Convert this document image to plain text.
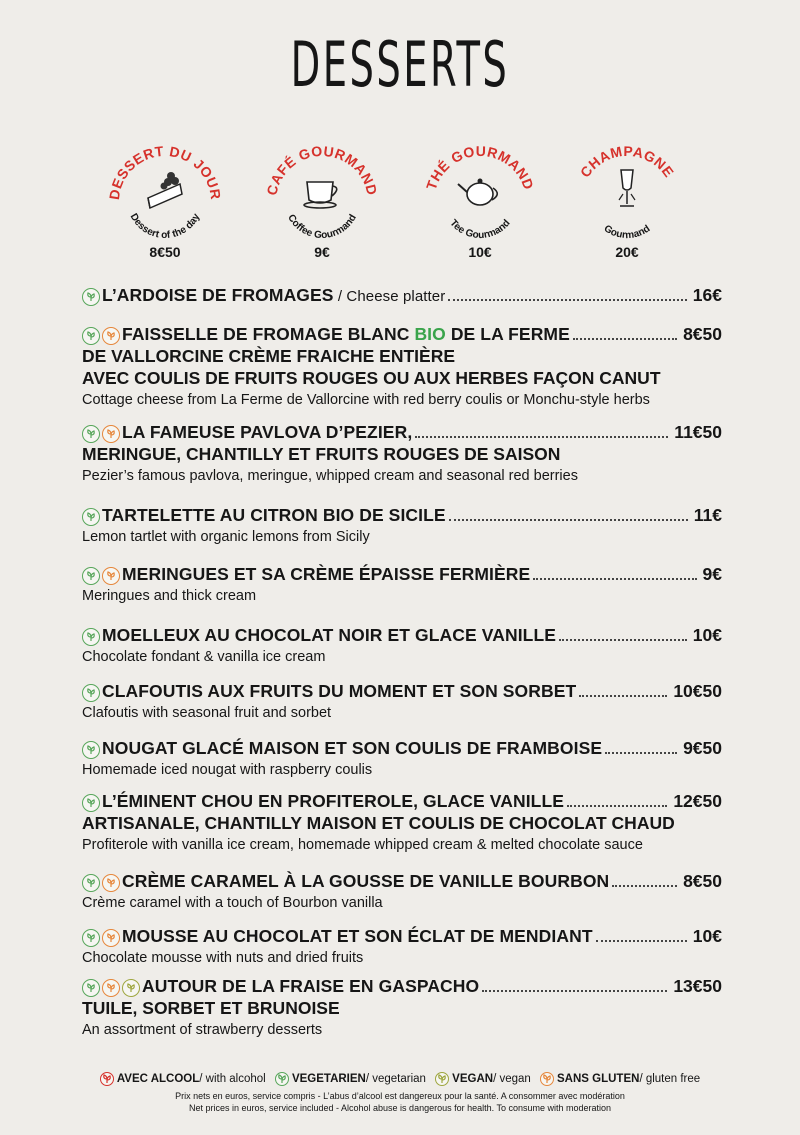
DESSERTS
DESSERT DU JOUR
Dessert of the day
8€50
CAFÉ GOURMAND
Coffee Gourmand
9€
THÉ GOURMAND
Tee Gourmand
10€
CHAMPAGNE
Gourmand
20€
L’ARDOISE DE FROMAGES / Cheese platter	16€
FAISSELLE DE FROMAGE BLANC BIO DE LA FERME	8€50
DE VALLORCINE CRÈME FRAICHE ENTIÈRE
AVEC COULIS DE FRUITS ROUGES OU AUX HERBES FAÇON CANUT
Cottage cheese from La Ferme de Vallorcine with red berry coulis or Monchu-style herbs
LA FAMEUSE PAVLOVA D’PEZIER,	11€50
MERINGUE, CHANTILLY ET FRUITS ROUGES DE SAISON
Pezier’s famous pavlova, meringue, whipped cream and seasonal red berries
TARTELETTE AU CITRON BIO DE SICILE	11€
Lemon tartlet with organic lemons from Sicily
MERINGUES ET SA CRÈME ÉPAISSE FERMIÈRE	9€
Meringues and thick cream
MOELLEUX AU CHOCOLAT NOIR ET GLACE VANILLE	10€
Chocolate fondant & vanilla ice cream
CLAFOUTIS AUX FRUITS DU MOMENT ET SON SORBET	10€50
Clafoutis with seasonal fruit and sorbet
NOUGAT GLACÉ MAISON ET SON COULIS DE FRAMBOISE	9€50
Homemade iced nougat with raspberry coulis
L’ÉMINENT CHOU EN PROFITEROLE, GLACE VANILLE	12€50
ARTISANALE, CHANTILLY MAISON ET COULIS DE CHOCOLAT CHAUD
Profiterole with vanilla ice cream, homemade whipped cream & melted chocolate sauce
CRÈME CARAMEL À LA GOUSSE DE VANILLE BOURBON	8€50
Crème caramel with a touch of Bourbon vanilla
MOUSSE AU CHOCOLAT ET SON ÉCLAT DE MENDIANT	10€
Chocolate mousse with nuts and dried fruits
AUTOUR DE LA FRAISE EN GASPACHO	13€50
TUILE, SORBET ET BRUNOISE
An assortment of strawberry desserts
AVEC ALCOOL / with alcohol
VEGETARIEN / vegetarian
VEGAN / vegan
SANS GLUTEN / gluten free
Prix nets en euros, service compris - L’abus d’alcool est dangereux pour la santé. A consommer avec modération
Net prices in euros, service included - Alcohol abuse is dangerous for health. To consume with moderation
